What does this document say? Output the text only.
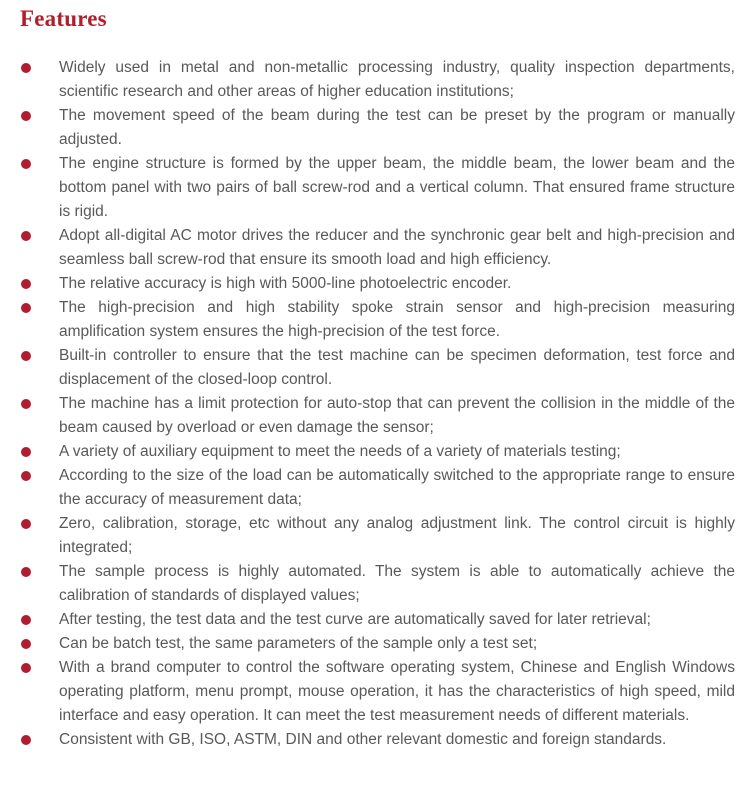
Features
Widely used in metal and non-metallic processing industry, quality inspection departments, scientific research and other areas of higher education institutions;
The movement speed of the beam during the test can be preset by the program or manually adjusted.
The engine structure is formed by the upper beam, the middle beam, the lower beam and the bottom panel with two pairs of ball screw-rod and a vertical column. That ensured frame structure is rigid.
Adopt all-digital AC motor drives the reducer and the synchronic gear belt and high-precision and seamless ball screw-rod that ensure its smooth load and high efficiency.
The relative accuracy is high with 5000-line photoelectric encoder.
The high-precision and high stability spoke strain sensor and high-precision measuring amplification system ensures the high-precision of the test force.
Built-in controller to ensure that the test machine can be specimen deformation, test force and displacement of the closed-loop control.
The machine has a limit protection for auto-stop that can prevent the collision in the middle of the beam caused by overload or even damage the sensor;
A variety of auxiliary equipment to meet the needs of a variety of materials testing;
According to the size of the load can be automatically switched to the appropriate range to ensure the accuracy of measurement data;
Zero, calibration, storage, etc without any analog adjustment link. The control circuit is highly integrated;
The sample process is highly automated. The system is able to automatically achieve the calibration of standards of displayed values;
After testing, the test data and the test curve are automatically saved for later retrieval;
Can be batch test, the same parameters of the sample only a test set;
With a brand computer to control the software operating system, Chinese and English Windows operating platform, menu prompt, mouse operation, it has the characteristics of high speed, mild interface and easy operation. It can meet the test measurement needs of different materials.
Consistent with GB, ISO, ASTM, DIN and other relevant domestic and foreign standards.
